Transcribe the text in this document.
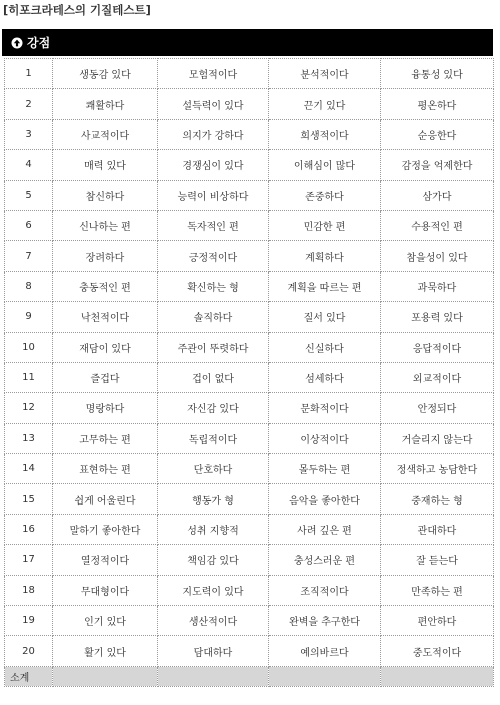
[히포크라테스의 기질테스트]
강점
1	생동감 있다	모험적이다	분석적이다	융통성 있다
2	쾌활하다	설득력이 있다	끈기 있다	평온하다
3	사교적이다	의지가 강하다	희생적이다	순응한다
4	매력 있다	경쟁심이 있다	이해심이 많다	감정을 억제한다
5	참신하다	능력이 비상하다	존중하다	삼가다
6	신나하는 편	독자적인 편	민감한 편	수용적인 편
7	장려하다	긍정적이다	계획하다	참을성이 있다
8	충동적인 편	확신하는 형	계획을 따르는 편	과묵하다
9	낙천적이다	솔직하다	질서 있다	포용력 있다
10	재담이 있다	주관이 뚜렷하다	신실하다	응답적이다
11	즐겁다	겁이 없다	섬세하다	외교적이다
12	명랑하다	자신감 있다	문화적이다	안정되다
13	고무하는 편	독립적이다	이상적이다	거슬리지 않는다
14	표현하는 편	단호하다	몰두하는 편	정색하고 농담한다
15	쉽게 어울린다	행동가 형	음악을 좋아한다	중재하는 형
16	말하기 좋아한다	성취 지향적	사려 깊은 편	관대하다
17	열정적이다	책임감 있다	충성스러운 편	잘 듣는다
18	무대형이다	지도력이 있다	조직적이다	만족하는 편
19	인기 있다	생산적이다	완벽을 추구한다	편안하다
20	활기 있다	담대하다	예의바르다	중도적이다
소계				
